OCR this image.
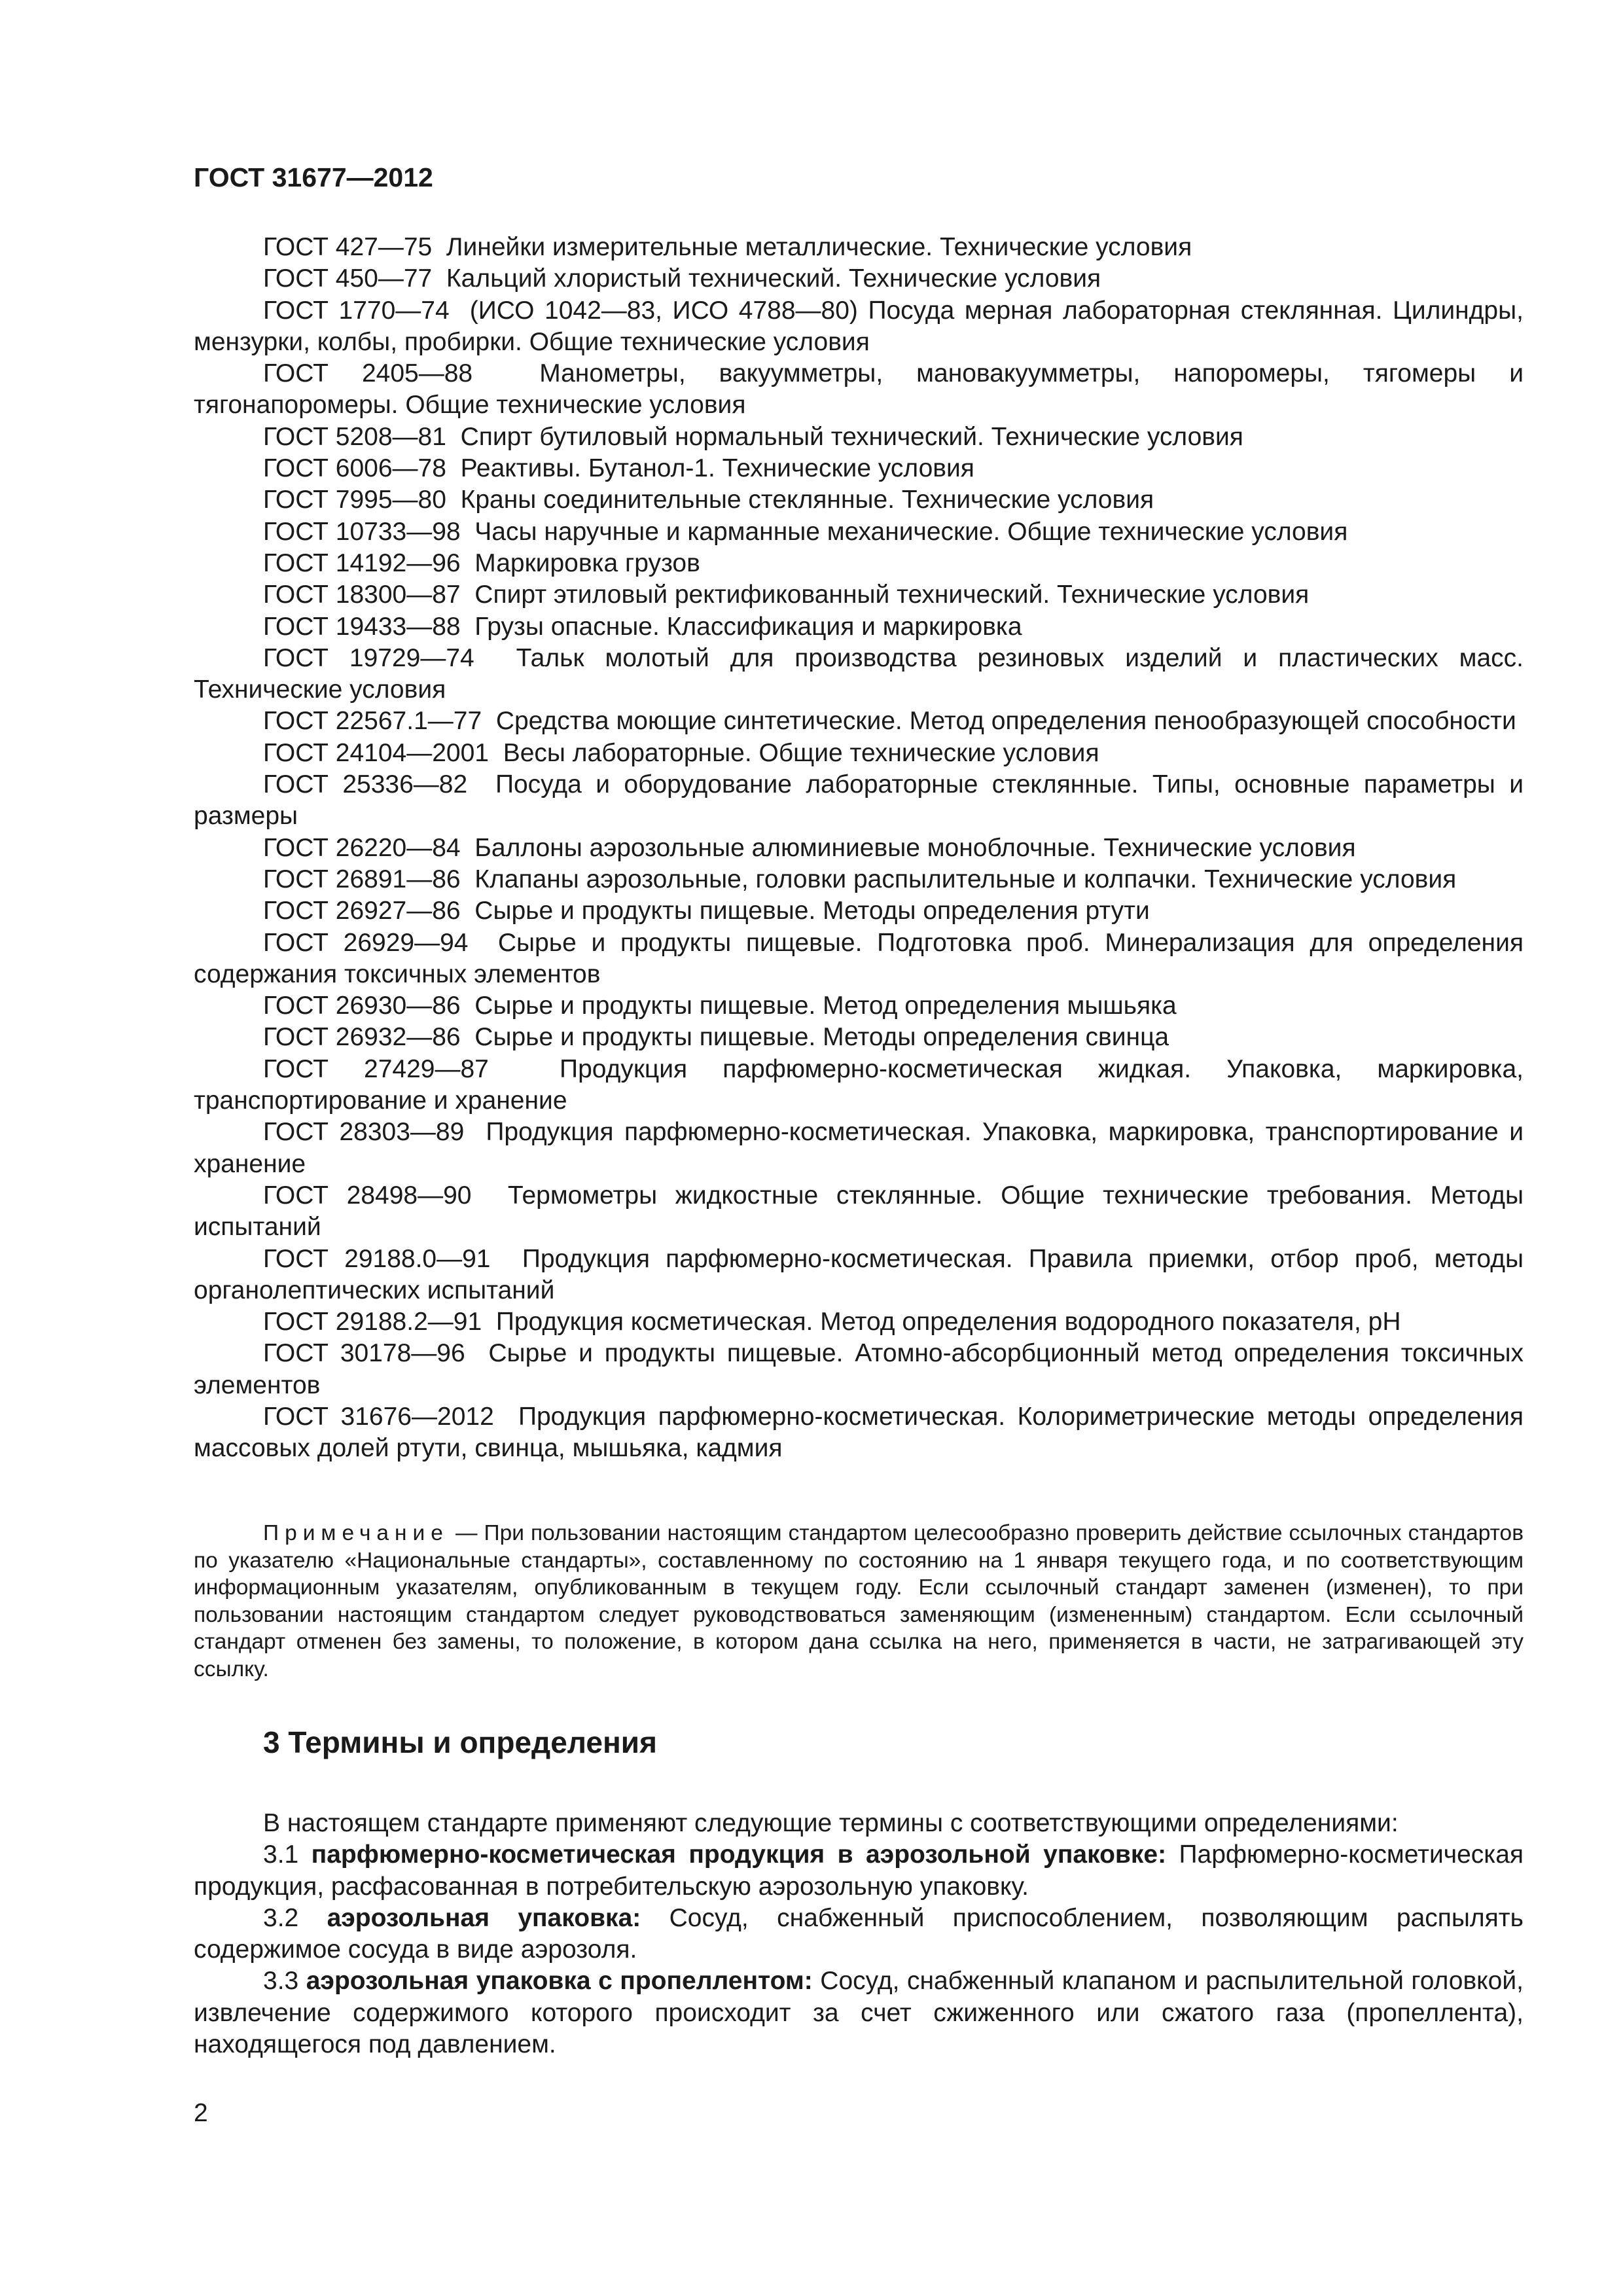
ГОСТ 31677—2012

ГОСТ 427—75 Линейки измерительные металлические. Технические условия

ГОСТ 450—77 Кальций хлористый технический. Технические условия

ГОСТ 1770—74 (ИСО 1042—83, ИСО 4788—80) Посуда мерная лабораторная стеклянная. Цилиндры, мензурки, колбы, пробирки. Общие технические условия

ГОСТ 2405—88	Манометры, вакуумметры, мановакуумметры, напоромеры, тягомеры и тягонапоромеры. Общие технические условия

ГОСТ 5208—81 Спирт бутиловый нормальный технический. Технические условия

ГОСТ 6006—78 Реактивы. Бутанол-1. Технические условия

ГОСТ 7995—80 Краны соединительные стеклянные. Технические условия

ГОСТ 10733—98 Часы наручные и карманные механические. Общие технические условия

ГОСТ 14192—96 Маркировка грузов

ГОСТ 18300—87 Спирт этиловый ректификованный технический. Технические условия

ГОСТ 19433—88 Грузы опасные. Классификация и маркировка

ГОСТ 19729—74 Тальк молотый для производства резиновых изделий и пластических масс. Технические условия

ГОСТ 22567.1—77 Средства моющие синтетические. Метод определения пенообразующей способности

ГОСТ 24104—2001 Весы лабораторные. Общие технические условия

ГОСТ 25336—82 Посуда и оборудование лабораторные стеклянные. Типы, основные параметры и размеры

ГОСТ 26220—84 Баллоны аэрозольные алюминиевые моноблочные. Технические условия

ГОСТ 26891—86 Клапаны аэрозольные, головки распылительные и колпачки. Технические условия

ГОСТ 26927—86 Сырье и продукты пищевые. Методы определения ртути

ГОСТ 26929—94 Сырье и продукты пищевые. Подготовка проб. Минерализация для определения содержания токсичных элементов

ГОСТ 26930—86 Сырье и продукты пищевые. Метод определения мышьяка

ГОСТ 26932—86 Сырье и продукты пищевые. Методы определения свинца

ГОСТ 27429—87	Продукция парфюмерно-косметическая жидкая. Упаковка, маркировка, транспортирование и хранение

ГОСТ 28303—89 Продукция парфюмерно-косметическая. Упаковка, маркировка, транспортирование и хранение

ГОСТ 28498—90 Термометры жидкостные стеклянные. Общие технические требования. Методы испытаний

ГОСТ 29188.0—91 Продукция парфюмерно-косметическая. Правила приемки, отбор проб, методы органолептических испытаний

ГОСТ 29188.2—91 Продукция косметическая. Метод определения водородного показателя, pH

ГОСТ 30178—96 Сырье и продукты пищевые. Атомно-абсорбционный метод определения токсичных элементов

ГОСТ 31676—2012 Продукция парфюмерно-косметическая. Колориметрические методы определения массовых долей ртути, свинца, мышьяка, кадмия

Примечание — При пользовании настоящим стандартом целесообразно проверить действие ссылочных стандартов по указателю «Национальные стандарты», составленному по состоянию на 1 января текущего года, и по соответствующим информационным указателям, опубликованным в текущем году. Если ссылочный стандарт заменен (изменен), то при пользовании настоящим стандартом следует руководствоваться заменяющим (измененным) стандартом. Если ссылочный стандарт отменен без замены, то положение, в котором дана ссылка на него, применяется в части, не затрагивающей эту ссылку.

3 Термины и определения

В настоящем стандарте применяют следующие термины с соответствующими определениями:

3.1 парфюмерно-косметическая продукция в аэрозольной упаковке: Парфюмерно-косметическая продукция, расфасованная в потребительскую аэрозольную упаковку.

3.2 аэрозольная упаковка: Сосуд, снабженный приспособлением, позволяющим распылять содержимое сосуда в виде аэрозоля.

3.3 аэрозольная упаковка с пропеллентом: Сосуд, снабженный клапаном и распылительной головкой, извлечение содержимого которого происходит за счет сжиженного или сжатого газа (пропеллента), находящегося под давлением.

2
